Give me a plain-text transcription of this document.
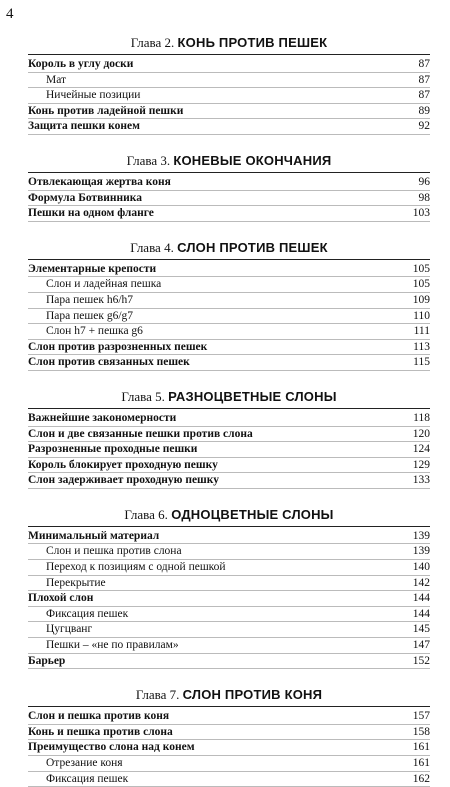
4
Глава 2. КОНЬ ПРОТИВ ПЕШЕК
Король в углу доски	87
Мат	87
Ничейные позиции	87
Конь против ладейной пешки	89
Защита пешки конем	92
Глава 3. КОНЕВЫЕ ОКОНЧАНИЯ
Отвлекающая жертва коня	96
Формула Ботвинника	98
Пешки на одном фланге	103
Глава 4. СЛОН ПРОТИВ ПЕШЕК
Элементарные крепости	105
Слон и ладейная пешка	105
Пара пешек h6/h7	109
Пара пешек g6/g7	110
Слон h7 + пешка g6	111
Слон против разрозненных пешек	113
Слон против связанных пешек	115
Глава 5. РАЗНОЦВЕТНЫЕ СЛОНЫ
Важнейшие закономерности	118
Слон и две связанные пешки против слона	120
Разрозненные проходные пешки	124
Король блокирует проходную пешку	129
Слон задерживает проходную пешку	133
Глава 6. ОДНОЦВЕТНЫЕ СЛОНЫ
Минимальный материал	139
Слон и пешка против слона	139
Переход к позициям с одной пешкой	140
Перекрытие	142
Плохой слон	144
Фиксация пешек	144
Цугцванг	145
Пешки – «не по правилам»	147
Барьер	152
Глава 7. СЛОН ПРОТИВ КОНЯ
Слон и пешка против коня	157
Конь и пешка против слона	158
Преимущество слона над конем	161
Отрезание коня	161
Фиксация пешек	162
